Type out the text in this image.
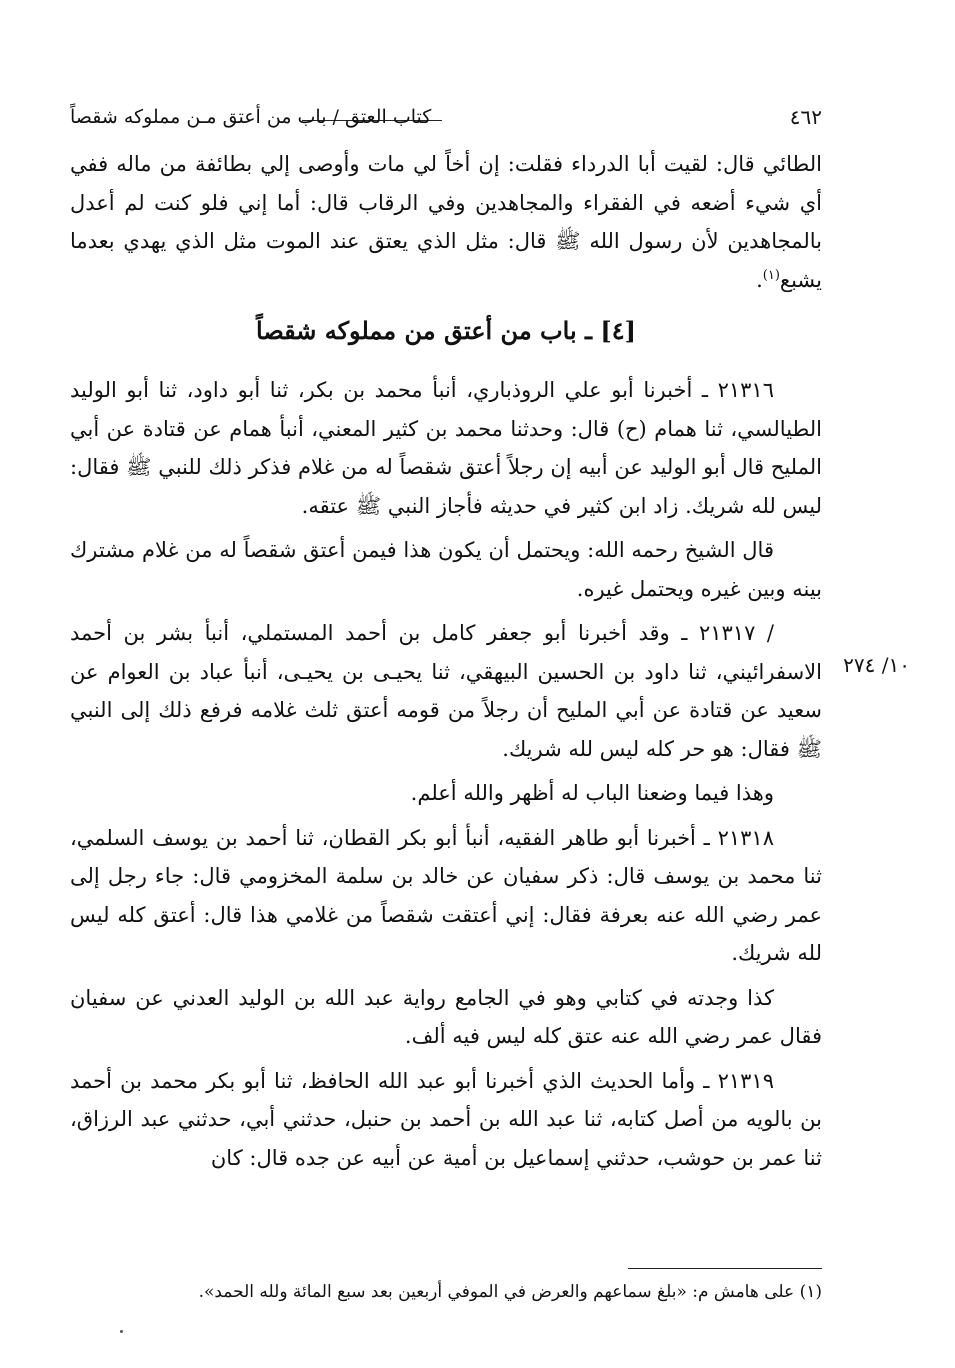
٤٦٢
كتاب العتق / باب من أعتق مـن مملوكه شقصاً

الطائي قال: لقيت أبا الدرداء فقلت: إن أخاً لي مات وأوصى إلي بطائفة من ماله ففي أي شيء أضعه في الفقراء والمجاهدين وفي الرقاب قال: أما إني فلو كنت لم أعدل بالمجاهدين لأن رسول الله ﷺ قال: مثل الذي يعتق عند الموت مثل الذي يهدي بعدما يشبع$^{(١)}$.

[٤] ـ باب من أعتق من مملوكه شقصاً

٢١٣١٦ ـ أخبرنا أبو علي الروذباري، أنبأ محمد بن بكر، ثنا أبو داود، ثنا أبو الوليد الطيالسي، ثنا همام (ح) قال: وحدثنا محمد بن كثير المعني، أنبأ همام عن قتادة عن أبي المليح قال أبو الوليد عن أبيه إن رجلاً أعتق شقصاً له من غلام فذكر ذلك للنبي ﷺ فقال: ليس لله شريك. زاد ابن كثير في حديثه فأجاز النبي ﷺ عتقه.

قال الشيخ رحمه الله: ويحتمل أن يكون هذا فيمن أعتق شقصاً له من غلام مشترك بينه وبين غيره ويحتمل غيره.

/ ٢١٣١٧ ـ وقد أخبرنا أبو جعفر كامل بن أحمد المستملي، أنبأ بشر بن أحمد الاسفرائيني، ثنا داود بن الحسين البيهقي، ثنا يحيـى بن يحيـى، أنبأ عباد بن العوام عن سعيد عن قتادة عن أبي المليح أن رجلاً من قومه أعتق ثلث غلامه فرفع ذلك إلى النبي ﷺ فقال: هو حر كله ليس لله شريك.

وهذا فيما وضعنا الباب له أظهر والله أعلم.

٢١٣١٨ ـ أخبرنا أبو طاهر الفقيه، أنبأ أبو بكر القطان، ثنا أحمد بن يوسف السلمي، ثنا محمد بن يوسف قال: ذكر سفيان عن خالد بن سلمة المخزومي قال: جاء رجل إلى عمر رضي الله عنه بعرفة فقال: إني أعتقت شقصاً من غلامي هذا قال: أعتق كله ليس لله شريك.

كذا وجدته في كتابي وهو في الجامع رواية عبد الله بن الوليد العدني عن سفيان فقال عمر رضي الله عنه عتق كله ليس فيه ألف.

٢١٣١٩ ـ وأما الحديث الذي أخبرنا أبو عبد الله الحافظ، ثنا أبو بكر محمد بن أحمد بن بالويه من أصل كتابه، ثنا عبد الله بن أحمد بن حنبل، حدثني أبي، حدثني عبد الرزاق، ثنا عمر بن حوشب، حدثني إسماعيل بن أمية عن أبيه عن جده قال: كان

١٠/ ٢٧٤
(١) على هامش م: «بلغ سماعهم والعرض في الموفي أربعين بعد سبع المائة ولله الحمد».
